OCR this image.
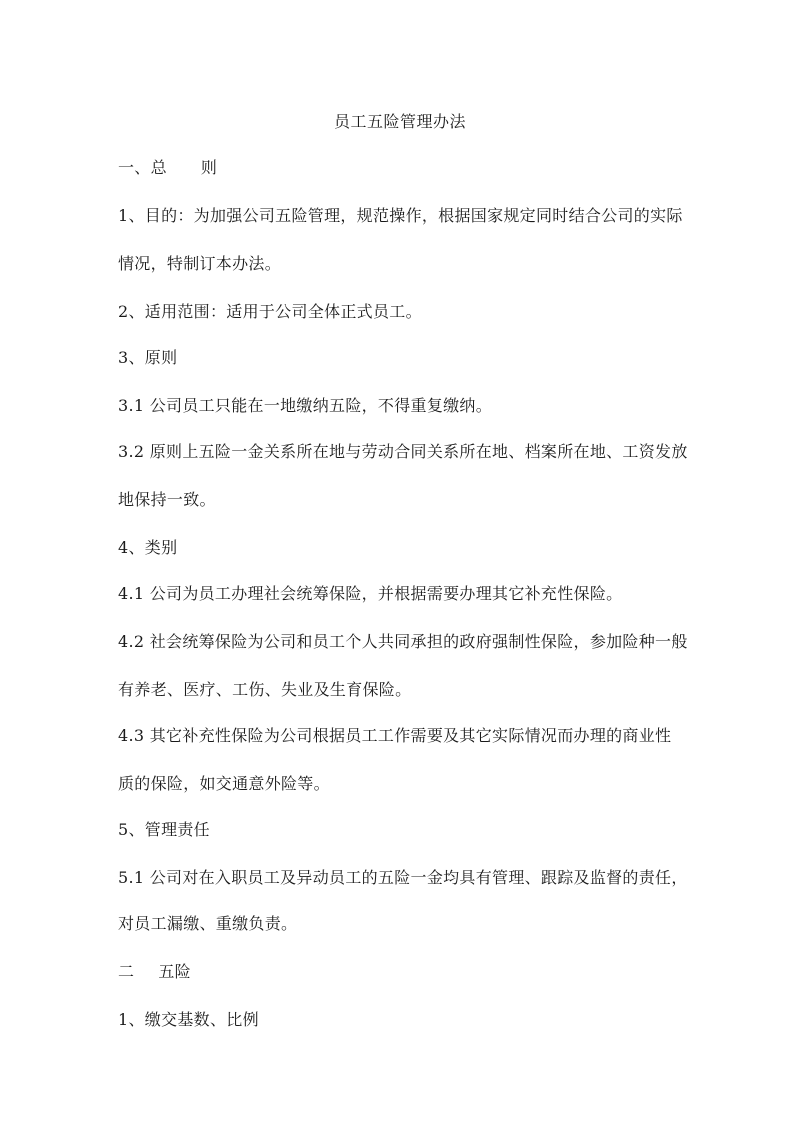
员工五险管理办法
一、总 则
1、目的：为加强公司五险管理，规范操作，根据国家规定同时结合公司的实际
情况，特制订本办法。
2、适用范围：适用于公司全体正式员工。
3、原则
3.1 公司员工只能在一地缴纳五险，不得重复缴纳。
3.2 原则上五险一金关系所在地与劳动合同关系所在地、档案所在地、工资发放
地保持一致。
4、类别
4.1 公司为员工办理社会统筹保险，并根据需要办理其它补充性保险。
4.2 社会统筹保险为公司和员工个人共同承担的政府强制性保险，参加险种一般
有养老、医疗、工伤、失业及生育保险。
4.3 其它补充性保险为公司根据员工工作需要及其它实际情况而办理的商业性
质的保险，如交通意外险等。
5、管理责任
5.1 公司对在入职员工及异动员工的五险一金均具有管理、跟踪及监督的责任，
对员工漏缴、重缴负责。
二 五险
1、缴交基数、比例
